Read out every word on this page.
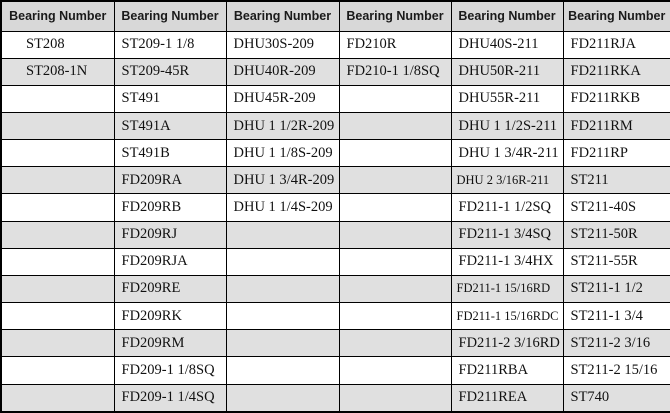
Bearing Number	Bearing Number	Bearing Number	Bearing Number	Bearing Number	Bearing Number
ST208	ST209-1 1/8	DHU30S-209	FD210R	DHU40S-211	FD211RJA
ST208-1N	ST209-45R	DHU40R-209	FD210-1 1/8SQ	DHU50R-211	FD211RKA
	ST491	DHU45R-209		DHU55R-211	FD211RKB
	ST491A	DHU 1 1/2R-209		DHU 1 1/2S-211	FD211RM
	ST491B	DHU 1 1/8S-209		DHU 1 3/4R-211	FD211RP
	FD209RA	DHU 1 3/4R-209		DHU 2 3/16R-211	ST211
	FD209RB	DHU 1 1/4S-209		FD211-1 1/2SQ	ST211-40S
	FD209RJ			FD211-1 3/4SQ	ST211-50R
	FD209RJA			FD211-1 3/4HX	ST211-55R
	FD209RE			FD211-1 15/16RD	ST211-1 1/2
	FD209RK			FD211-1 15/16RDC	ST211-1 3/4
	FD209RM			FD211-2 3/16RD	ST211-2 3/16
	FD209-1 1/8SQ			FD211RBA	ST211-2 15/16
	FD209-1 1/4SQ			FD211REA	ST740
